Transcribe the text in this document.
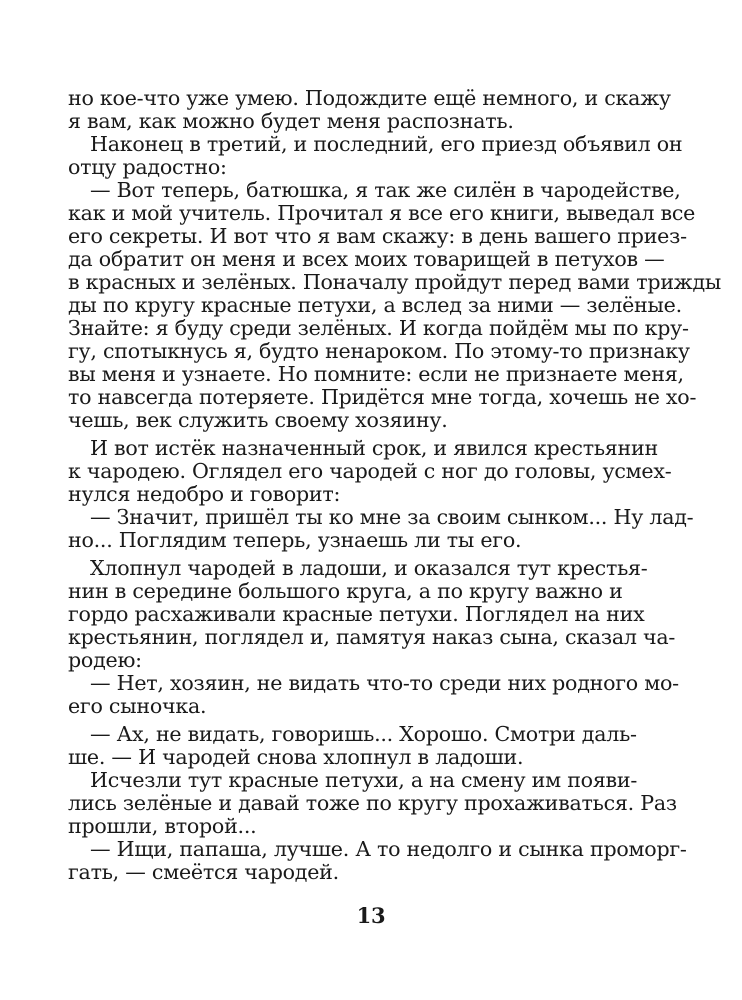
но кое-что уже умею. Подождите ещё немного, и скажу
я вам, как можно будет меня распознать.
Наконец в третий, и последний, его приезд объявил он
отцу радостно:
— Вот теперь, батюшка, я так же силён в чародействе,
как и мой учитель. Прочитал я все его книги, выведал все
его секреты. И вот что я вам скажу: в день вашего приез-
да обратит он меня и всех моих товарищей в петухов —
в красных и зелёных. Поначалу пройдут перед вами трижды
ды по кругу красные петухи, а вслед за ними — зелёные.
Знайте: я буду среди зелёных. И когда пойдём мы по кру-
гу, спотыкнусь я, будто ненароком. По этому-то признаку
вы меня и узнаете. Но помните: если не признаете меня,
то навсегда потеряете. Придётся мне тогда, хочешь не хо-
чешь, век служить своему хозяину.
И вот истёк назначенный срок, и явился крестьянин
к чародею. Оглядел его чародей с ног до головы, усмех-
нулся недобро и говорит:
— Значит, пришёл ты ко мне за своим сынком... Ну лад-
но... Поглядим теперь, узнаешь ли ты его.
Хлопнул чародей в ладоши, и оказался тут крестья-
нин в середине большого круга, а по кругу важно и
гордо расхаживали красные петухи. Поглядел на них
крестьянин, поглядел и, памятуя наказ сына, сказал ча-
родею:
— Нет, хозяин, не видать что-то среди них родного мо-
его сыночка.
— Ах, не видать, говоришь... Хорошо. Смотри даль-
ше. — И чародей снова хлопнул в ладоши.
Исчезли тут красные петухи, а на смену им появи-
лись зелёные и давай тоже по кругу прохаживаться. Раз
прошли, второй...
— Ищи, папаша, лучше. А то недолго и сынка проморг-
гать, — смеётся чародей.
13
